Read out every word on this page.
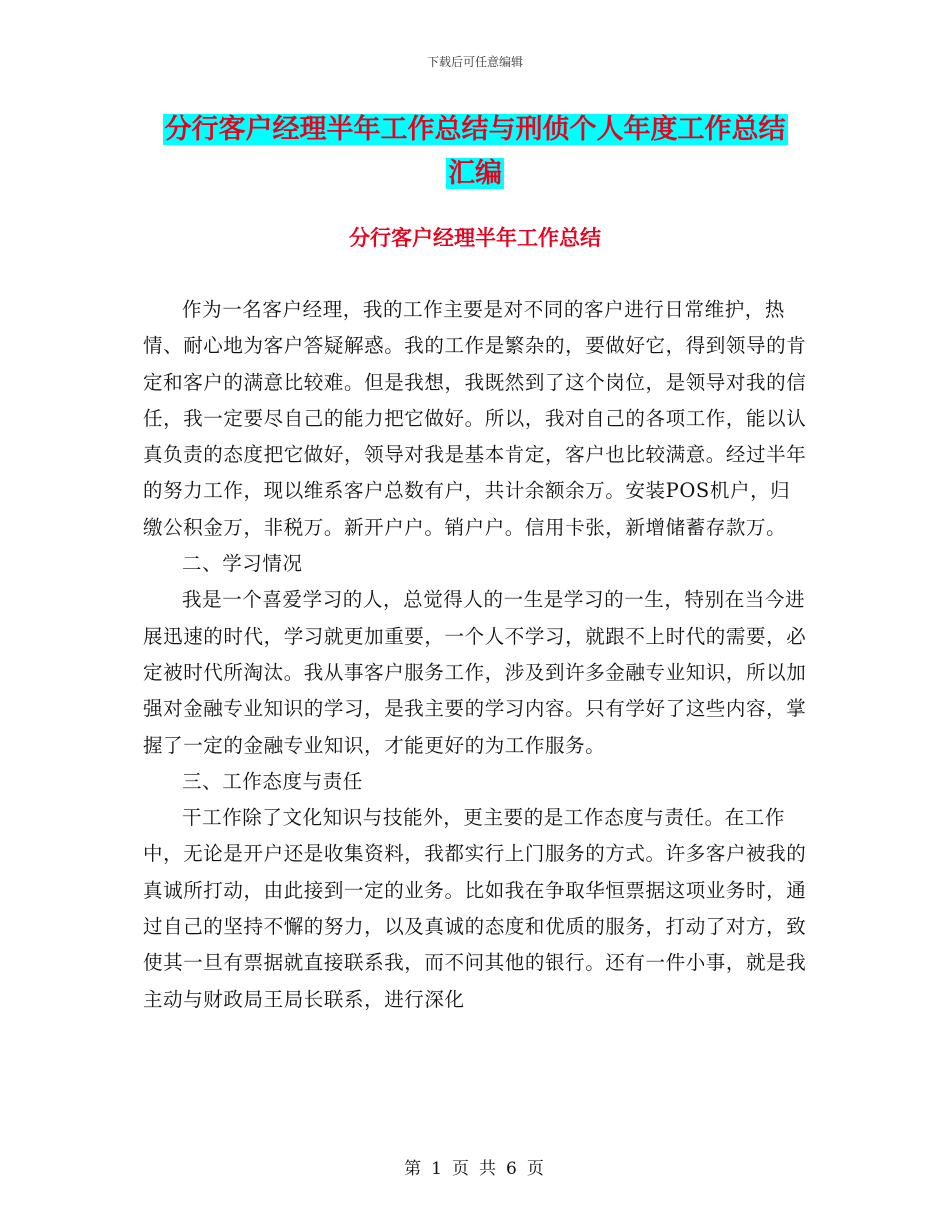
下载后可任意编辑
分行客户经理半年工作总结与刑侦个人年度工作总结
汇编
分行客户经理半年工作总结

作为一名客户经理，我的工作主要是对不同的客户进行日常维护，热情、耐心地为客户答疑解惑。我的工作是繁杂的，要做好它，得到领导的肯定和客户的满意比较难。但是我想，我既然到了这个岗位，是领导对我的信任，我一定要尽自己的能力把它做好。所以，我对自己的各项工作，能以认真负责的态度把它做好，领导对我是基本肯定，客户也比较满意。经过半年的努力工作，现以维系客户总数有户，共计余额余万。安装POS机户，归缴公积金万，非税万。新开户户。销户户。信用卡张，新增储蓄存款万。

二、学习情况

我是一个喜爱学习的人，总觉得人的一生是学习的一生，特别在当今进展迅速的时代，学习就更加重要，一个人不学习，就跟不上时代的需要，必定被时代所淘汰。我从事客户服务工作，涉及到许多金融专业知识，所以加强对金融专业知识的学习，是我主要的学习内容。只有学好了这些内容，掌握了一定的金融专业知识，才能更好的为工作服务。

三、工作态度与责任

干工作除了文化知识与技能外，更主要的是工作态度与责任。在工作中，无论是开户还是收集资料，我都实行上门服务的方式。许多客户被我的真诚所打动，由此接到一定的业务。比如我在争取华恒票据这项业务时，通过自己的坚持不懈的努力，以及真诚的态度和优质的服务，打动了对方，致使其一旦有票据就直接联系我，而不问其他的银行。还有一件小事，就是我主动与财政局王局长联系，进行深化

第 1 页 共 6 页
